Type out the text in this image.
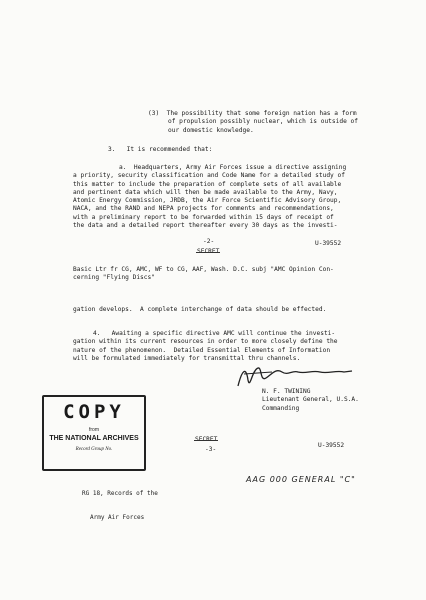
(3)  The possibility that some foreign nation has a form
of propulsion possibly nuclear, which is outside of
our domestic knowledge.
3.   It is recommended that:
a.  Headquarters, Army Air Forces issue a directive assigning
a priority, security classification and Code Name for a detailed study of
this matter to include the preparation of complete sets of all available
and pertinent data which will then be made available to the Army, Navy,
Atomic Energy Commission, JRDB, the Air Force Scientific Advisory Group,
NACA, and the RAND and NEPA projects for comments and recommendations,
with a preliminary report to be forwarded within 15 days of receipt of
the data and a detailed report thereafter every 30 days as the investi-
-2-	U-39552
Basic Ltr fr CG, AMC, WF to CG, AAF, Wash. D.C. subj "AMC Opinion Con-
cerning "Flying Discs"
gation develops.  A complete interchange of data should be effected.
4.   Awaiting a specific directive AMC will continue the investi-
gation within its current resources in order to more closely define the
nature of the phenomenon.  Detailed Essential Elements of Information
will be formulated immediately for transmittal thru channels.
N. F. TWINING
Lieutenant General, U.S.A.
Commanding
COPY
from
THE NATIONAL ARCHIVES
Record Group No.	-3-
U-39552

RG 18, Records of the

Army Air Forces

AAG 000 GENERAL "C"
